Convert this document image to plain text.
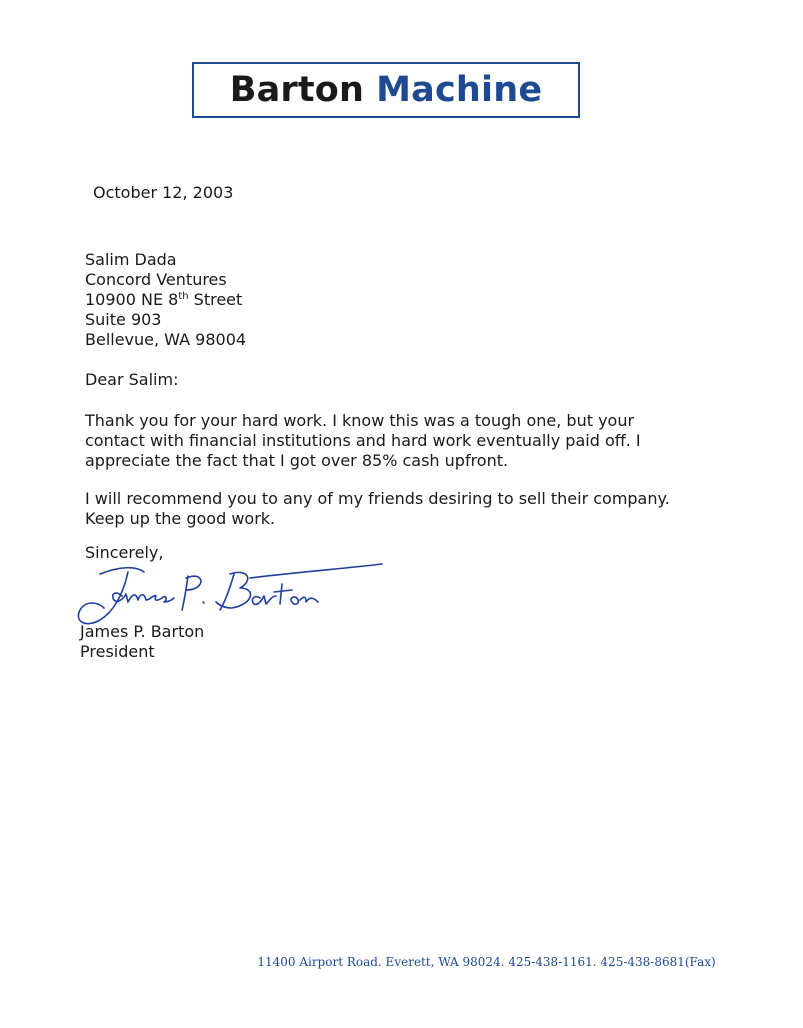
Barton Machine
October 12, 2003
Salim Dada
Concord Ventures
10900 NE 8th Street
Suite 903
Bellevue, WA 98004
Dear Salim:
Thank you for your hard work. I know this was a tough one, but your
contact with financial institutions and hard work eventually paid off. I
appreciate the fact that I got over 85% cash upfront.
I will recommend you to any of my friends desiring to sell their company.
Keep up the good work.
Sincerely,
James P. Barton
President
11400 Airport Road. Everett, WA 98024. 425-438-1161. 425-438-8681(Fax)
